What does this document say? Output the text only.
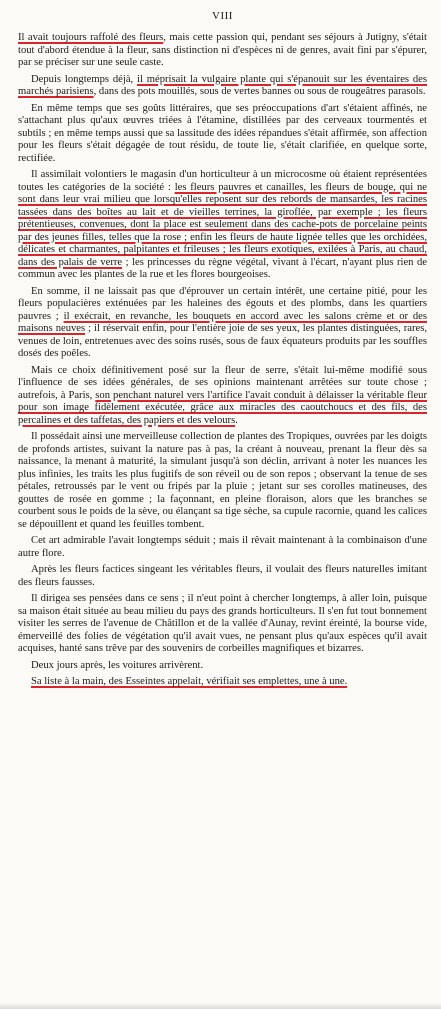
VIII

Il avait toujours raffolé des fleurs, mais cette passion qui, pendant ses séjours à Jutigny, s'était tout d'abord étendue à la fleur, sans distinction ni d'espèces ni de genres, avait fini par s'épurer, par se préciser sur une seule caste.

Depuis longtemps déjà, il méprisait la vulgaire plante qui s'épanouit sur les éventaires des marchés parisiens, dans des pots mouillés, sous de vertes bannes ou sous de rougeâtres parasols.

En même temps que ses goûts littéraires, que ses préoccupations d'art s'étaient affinés, ne s'attachant plus qu'aux œuvres triées à l'étamine, distillées par des cerveaux tourmentés et subtils ; en même temps aussi que sa lassitude des idées répandues s'était affirmée, son affection pour les fleurs s'était dégagée de tout résidu, de toute lie, s'était clarifiée, en quelque sorte, rectifiée.

Il assimilait volontiers le magasin d'un horticulteur à un microcosme où étaient représentées toutes les catégories de la société : les fleurs pauvres et canailles, les fleurs de bouge, qui ne sont dans leur vrai milieu que lorsqu'elles reposent sur des rebords de mansardes, les racines tassées dans des boîtes au lait et de vieilles terrines, la giroflée, par exemple ; les fleurs prétentieuses, convenues, dont la place est seulement dans des cache-pots de porcelaine peints par des jeunes filles, telles que la rose ; enfin les fleurs de haute lignée telles que les orchidées, délicates et charmantes, palpitantes et frileuses ; les fleurs exotiques, exilées à Paris, au chaud, dans des palais de verre ; les princesses du règne végétal, vivant à l'écart, n'ayant plus rien de commun avec les plantes de la rue et les flores bourgeoises.

En somme, il ne laissait pas que d'éprouver un certain intérêt, une certaine pitié, pour les fleurs populacières exténuées par les haleines des égouts et des plombs, dans les quartiers pauvres ; il exécrait, en revanche, les bouquets en accord avec les salons crème et or des maisons neuves ; il réservait enfin, pour l'entière joie de ses yeux, les plantes distinguées, rares, venues de loin, entretenues avec des soins rusés, sous de faux équateurs produits par les souffles dosés des poêles.

Mais ce choix définitivement posé sur la fleur de serre, s'était lui-même modifié sous l'influence de ses idées générales, de ses opinions maintenant arrêtées sur toute chose ; autrefois, à Paris, son penchant naturel vers l'artifice l'avait conduit à délaisser la véritable fleur pour son image fidèlement exécutée, grâce aux miracles des caoutchoucs et des fils, des percalines et des taffetas, des papiers et des velours.

Il possédait ainsi une merveilleuse collection de plantes des Tropiques, ouvrées par les doigts de profonds artistes, suivant la nature pas à pas, la créant à nouveau, prenant la fleur dès sa naissance, la menant à maturité, la simulant jusqu'à son déclin, arrivant à noter les nuances les plus infinies, les traits les plus fugitifs de son réveil ou de son repos ; observant la tenue de ses pétales, retroussés par le vent ou fripés par la pluie ; jetant sur ses corolles matineuses, des gouttes de rosée en gomme ; la façonnant, en pleine floraison, alors que les branches se courbent sous le poids de la sève, ou élançant sa tige sèche, sa cupule racornie, quand les calices se dépouillent et quand les feuilles tombent.

Cet art admirable l'avait longtemps séduit ; mais il rêvait maintenant à la combinaison d'une autre flore.

Après les fleurs factices singeant les véritables fleurs, il voulait des fleurs naturelles imitant des fleurs fausses.

Il dirigea ses pensées dans ce sens ; il n'eut point à chercher longtemps, à aller loin, puisque sa maison était située au beau milieu du pays des grands horticulteurs. Il s'en fut tout bonnement visiter les serres de l'avenue de Châtillon et de la vallée d'Aunay, revint éreinté, la bourse vide, émerveillé des folies de végétation qu'il avait vues, ne pensant plus qu'aux espèces qu'il avait acquises, hanté sans trêve par des souvenirs de corbeilles magnifiques et bizarres.

Deux jours après, les voitures arrivèrent.

Sa liste à la main, des Esseintes appelait, vérifiait ses emplettes, une à une.
